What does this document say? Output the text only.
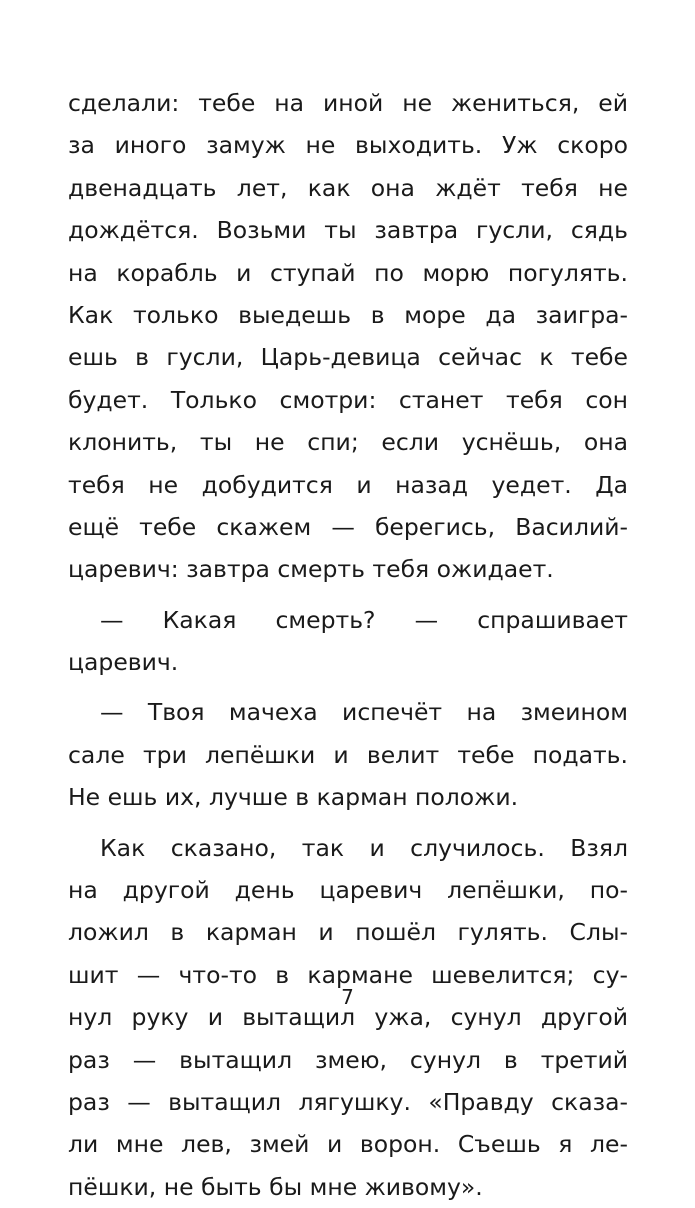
сделали: тебе на иной не жениться, ей
за иного замуж не выходить. Уж скоро
двенадцать лет, как она ждёт тебя не
дождётся. Возьми ты завтра гусли, сядь
на корабль и ступай по морю погулять.
Как только выедешь в море да заигра-
ешь в гусли, Царь-девица сейчас к тебе
будет. Только смотри: станет тебя сон
клонить, ты не спи; если уснёшь, она
тебя не добудится и назад уедет. Да
ещё тебе скажем — берегись, Василий-
царевич: завтра смерть тебя ожидает.
— Какая смерть? — спрашивает
царевич.
— Твоя мачеха испечёт на змеином
сале три лепёшки и велит тебе подать.
Не ешь их, лучше в карман положи.
Как сказано, так и случилось. Взял
на другой день царевич лепёшки, по-
ложил в карман и пошёл гулять. Слы-
шит — что-то в кармане шевелится; су-
нул руку и вытащил ужа, сунул другой
раз — вытащил змею, сунул в третий
раз — вытащил лягушку. «Правду сказа-
ли мне лев, змей и ворон. Съешь я ле-
пёшки, не быть бы мне живому».
7
